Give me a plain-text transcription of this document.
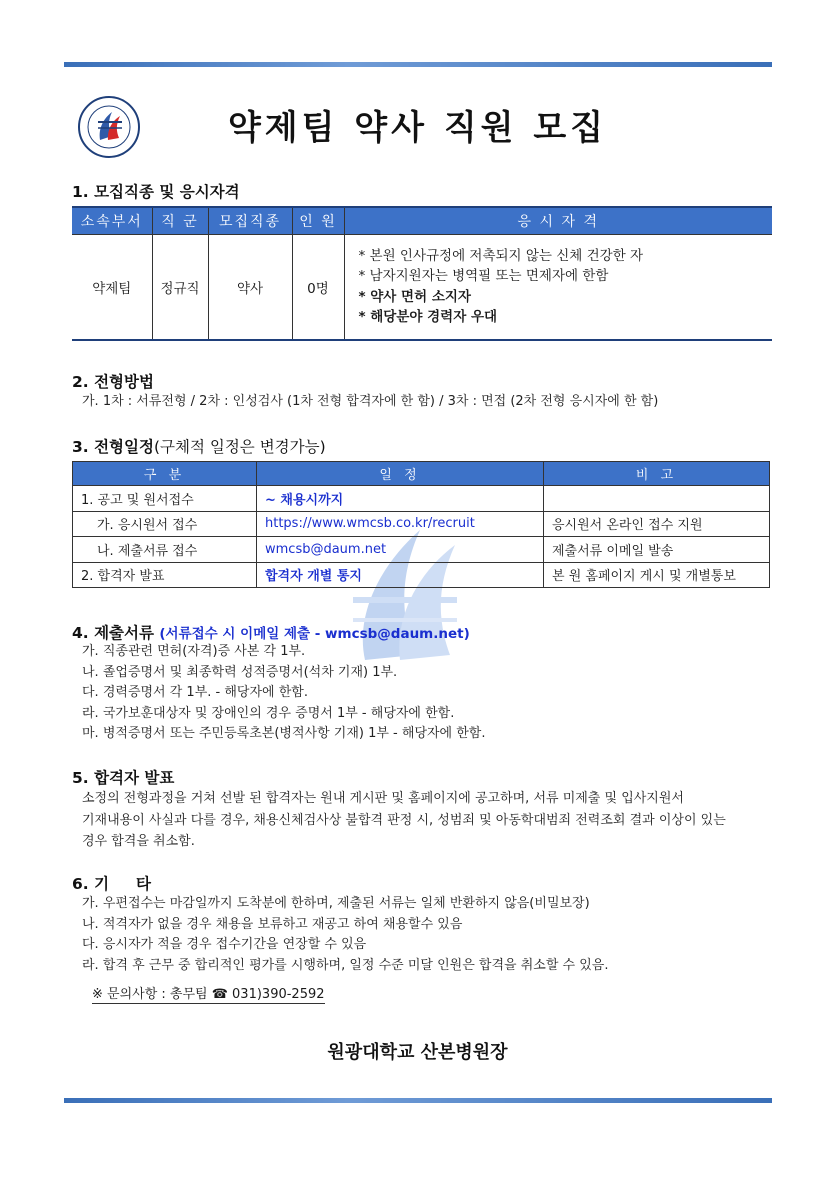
약제팀 약사 직원 모집
1. 모집직종 및 응시자격
소속부서	직 군	모집직종	인 원	응 시 자 격
약제팀	정규직	약사	0명	* 본원 인사규정에 저촉되지 않는 신체 건강한 자
* 남자지원자는 병역필 또는 면제자에 한함
* 약사 면허 소지자
* 해당분야 경력자 우대
2. 전형방법
가. 1차 : 서류전형 / 2차 : 인성검사 (1차 전형 합격자에 한 함) / 3차 : 면접 (2차 전형 응시자에 한 함)
3. 전형일정(구체적 일정은 변경가능)
구 분	일 정	비 고
1. 공고 및 원서접수	~ 채용시까지	
가. 응시원서 접수	https://www.wmcsb.co.kr/recruit	응시원서 온라인 접수 지원
나. 제출서류 접수	wmcsb@daum.net	제출서류 이메일 발송
2. 합격자 발표	합격자 개별 통지	본 원 홈페이지 게시 및 개별통보
4. 제출서류 (서류접수 시 이메일 제출 - wmcsb@daum.net)
가. 직종관련 면허(자격)증 사본 각 1부.
나. 졸업증명서 및 최종학력 성적증명서(석차 기재) 1부.
다. 경력증명서 각 1부. - 해당자에 한함.
라. 국가보훈대상자 및 장애인의 경우 증명서 1부 - 해당자에 한함.
마. 병적증명서 또는 주민등록초본(병적사항 기재) 1부 - 해당자에 한함.
5. 합격자 발표
소정의 전형과정을 거쳐 선발 된 합격자는 원내 게시판 및 홈페이지에 공고하며, 서류 미제출 및 입사지원서
기재내용이 사실과 다를 경우, 채용신체검사상 불합격 판정 시, 성범죄 및 아동학대범죄 전력조회 결과 이상이 있는
경우 합격을 취소함.
6. 기     타
가. 우편접수는 마감일까지 도착분에 한하며, 제출된 서류는 일체 반환하지 않음(비밀보장)
나. 적격자가 없을 경우 채용을 보류하고 재공고 하여 채용할수 있음
다. 응시자가 적을 경우 접수기간을 연장할 수 있음
라. 합격 후 근무 중 합리적인 평가를 시행하며, 일정 수준 미달 인원은 합격을 취소할 수 있음.
※ 문의사항 : 총무팀 ☎ 031)390-2592
원광대학교 산본병원장
